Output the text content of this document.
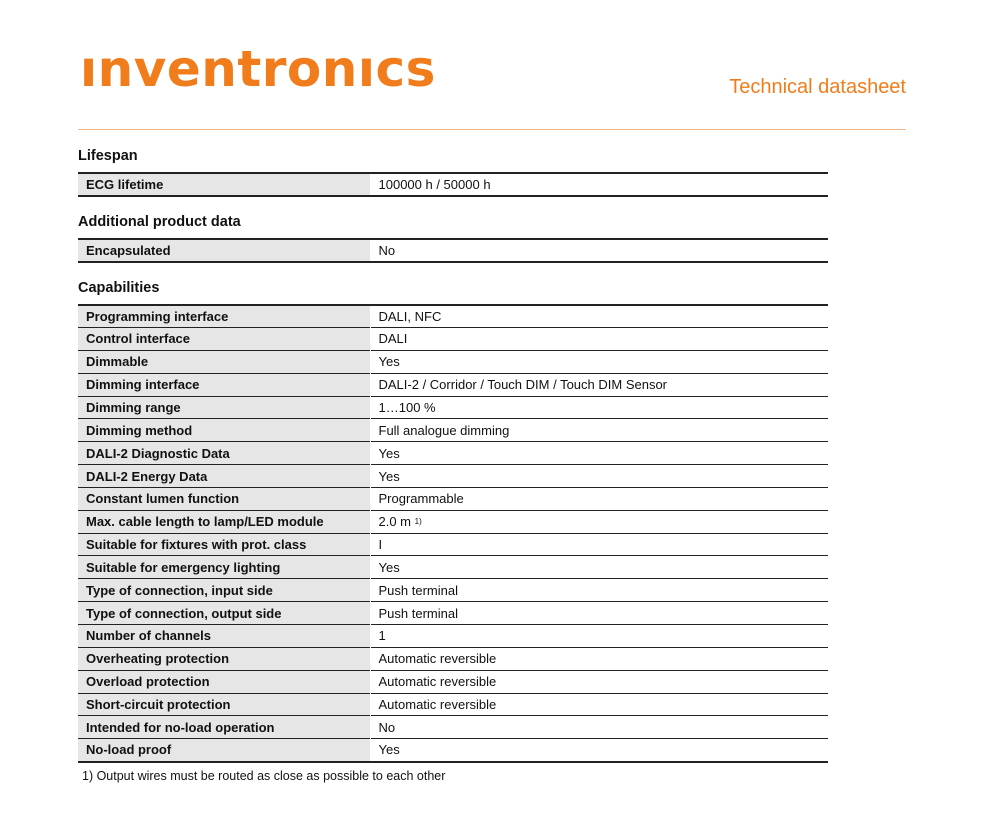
ınventronıcs	Technical datasheet
Lifespan
ECG lifetime	100000 h / 50000 h
Additional product data
Encapsulated	No
Capabilities
Programming interface	DALI, NFC
Control interface	DALI
Dimmable	Yes
Dimming interface	DALI-2 / Corridor / Touch DIM / Touch DIM Sensor
Dimming range	1…100 %
Dimming method	Full analogue dimming
DALI-2 Diagnostic Data	Yes
DALI-2 Energy Data	Yes
Constant lumen function	Programmable
Max. cable length to lamp/LED module	2.0 m $^{1)}$
Suitable for fixtures with prot. class	I
Suitable for emergency lighting	Yes
Type of connection, input side	Push terminal
Type of connection, output side	Push terminal
Number of channels	1
Overheating protection	Automatic reversible
Overload protection	Automatic reversible
Short-circuit protection	Automatic reversible
Intended for no-load operation	No
No-load proof	Yes
1) Output wires must be routed as close as possible to each other
